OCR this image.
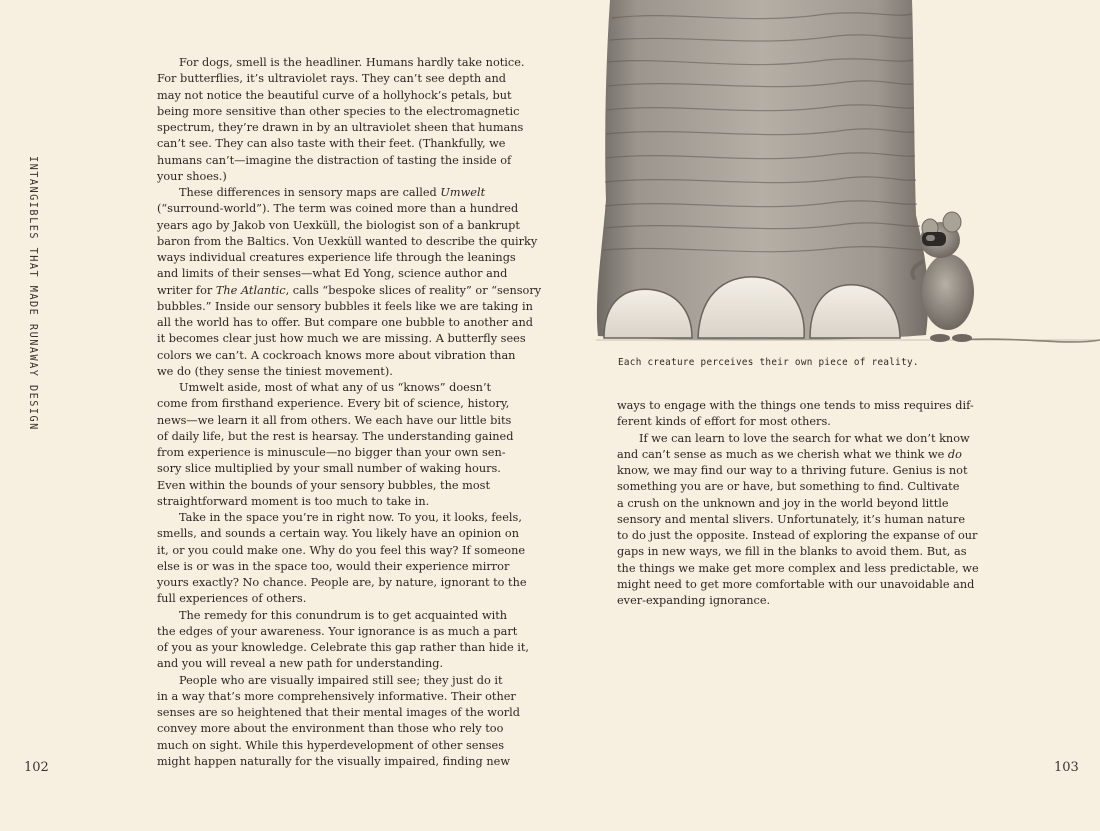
INTANGIBLES THAT MADE RUNAWAY DESIGN

For dogs, smell is the headliner. Humans hardly take notice.
For butterflies, it’s ultraviolet rays. They can’t see depth and
may not notice the beautiful curve of a hollyhock’s petals, but
being more sensitive than other species to the electromagnetic
spectrum, they’re drawn in by an ultraviolet sheen that humans
can’t see. They can also taste with their feet. (Thankfully, we
humans can’t—imagine the distraction of tasting the inside of
your shoes.)

These differences in sensory maps are called Umwelt
(“surround-world”). The term was coined more than a hundred
years ago by Jakob von Uexküll, the biologist son of a bankrupt
baron from the Baltics. Von Uexküll wanted to describe the quirky
ways individual creatures experience life through the leanings
and limits of their senses—what Ed Yong, science author and
writer for The Atlantic, calls “bespoke slices of reality” or “sensory
bubbles.” Inside our sensory bubbles it feels like we are taking in
all the world has to offer. But compare one bubble to another and
it becomes clear just how much we are missing. A butterfly sees
colors we can’t. A cockroach knows more about vibration than
we do (they sense the tiniest movement).

Umwelt aside, most of what any of us “knows” doesn’t
come from firsthand experience. Every bit of science, history,
news—we learn it all from others. We each have our little bits
of daily life, but the rest is hearsay. The understanding gained
from experience is minuscule—no bigger than your own sen-
sory slice multiplied by your small number of waking hours.
Even within the bounds of your sensory bubbles, the most
straightforward moment is too much to take in.

Take in the space you’re in right now. To you, it looks, feels,
smells, and sounds a certain way. You likely have an opinion on
it, or you could make one. Why do you feel this way? If someone
else is or was in the space too, would their experience mirror
yours exactly? No chance. People are, by nature, ignorant to the
full experiences of others.

The remedy for this conundrum is to get acquainted with
the edges of your awareness. Your ignorance is as much a part
of you as your knowledge. Celebrate this gap rather than hide it,
and you will reveal a new path for understanding.

People who are visually impaired still see; they just do it
in a way that’s more comprehensively informative. Their other
senses are so heightened that their mental images of the world
convey more about the environment than those who rely too
much on sight. While this hyperdevelopment of other senses
might happen naturally for the visually impaired, finding new

Each creature perceives their own piece of reality.

ways to engage with the things one tends to miss requires dif-
ferent kinds of effort for most others.

If we can learn to love the search for what we don’t know
and can’t sense as much as we cherish what we think we do
know, we may find our way to a thriving future. Genius is not
something you are or have, but something to find. Cultivate
a crush on the unknown and joy in the world beyond little
sensory and mental slivers. Unfortunately, it’s human nature
to do just the opposite. Instead of exploring the expanse of our
gaps in new ways, we fill in the blanks to avoid them. But, as
the things we make get more complex and less predictable, we
might need to get more comfortable with our unavoidable and
ever-expanding ignorance.

102	103
